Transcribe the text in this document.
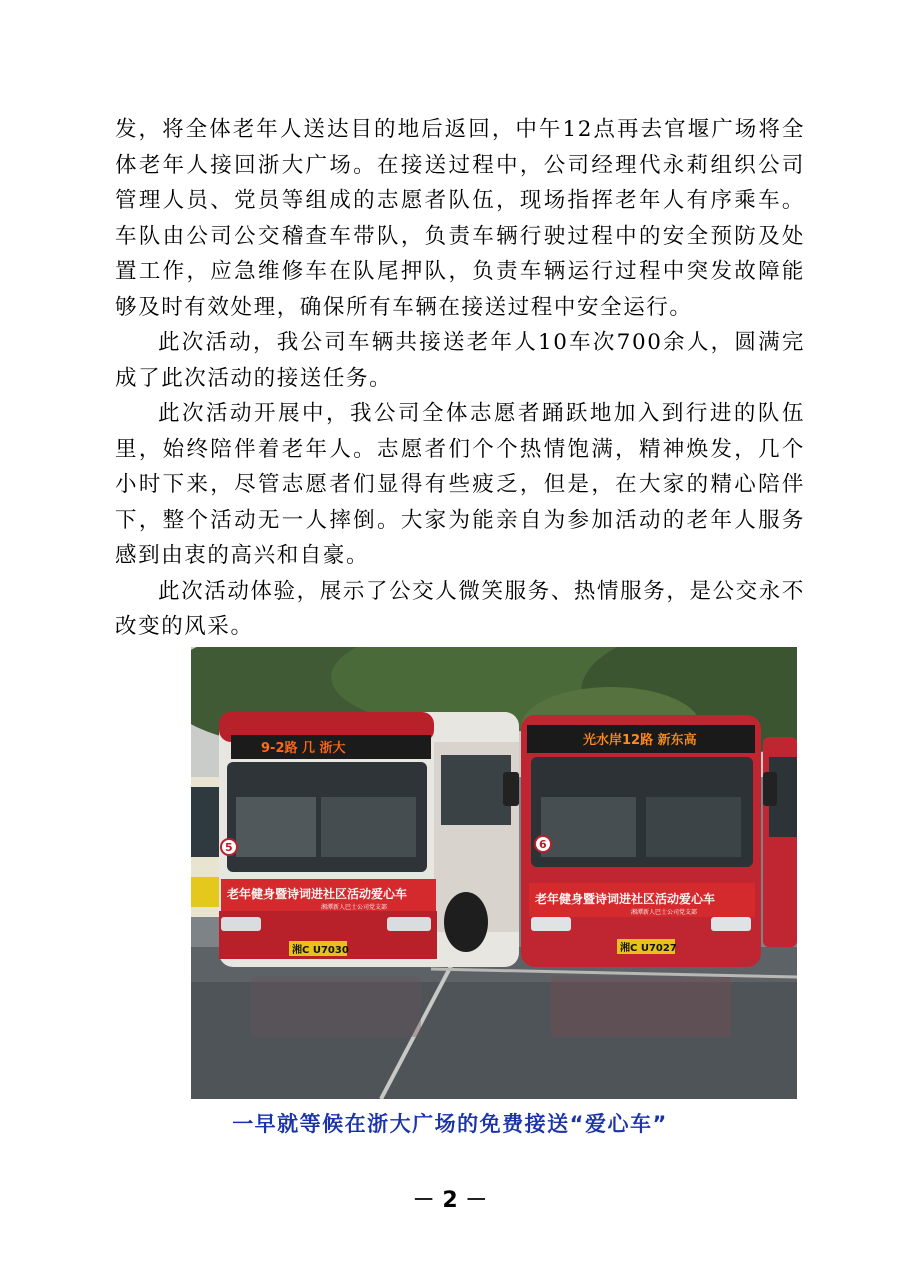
发，将全体老年人送达目的地后返回，中午12点再去官堰广场将全体老年人接回浙大广场。在接送过程中，公司经理代永莉组织公司管理人员、党员等组成的志愿者队伍，现场指挥老年人有序乘车。车队由公司公交稽查车带队，负责车辆行驶过程中的安全预防及处置工作，应急维修车在队尾押队，负责车辆运行过程中突发故障能够及时有效处理，确保所有车辆在接送过程中安全运行。

此次活动，我公司车辆共接送老年人10车次700余人，圆满完成了此次活动的接送任务。

此次活动开展中，我公司全体志愿者踊跃地加入到行进的队伍里，始终陪伴着老年人。志愿者们个个热情饱满，精神焕发，几个小时下来，尽管志愿者们显得有些疲乏，但是，在大家的精心陪伴下，整个活动无一人摔倒。大家为能亲自为参加活动的老年人服务感到由衷的高兴和自豪。

此次活动体验，展示了公交人微笑服务、热情服务，是公交永不改变的风采。

9-2路 几 浙大
5
老年健身暨诗词进社区活动爱心车
湘潭新人巴士公司党支部
湘C U7030
光水岸12路 新东高
6
老年健身暨诗词进社区活动爱心车
湘潭新人巴士公司党支部
湘C U7027
一早就等候在浙大广场的免费接送“爱心车”
－ 2 －
